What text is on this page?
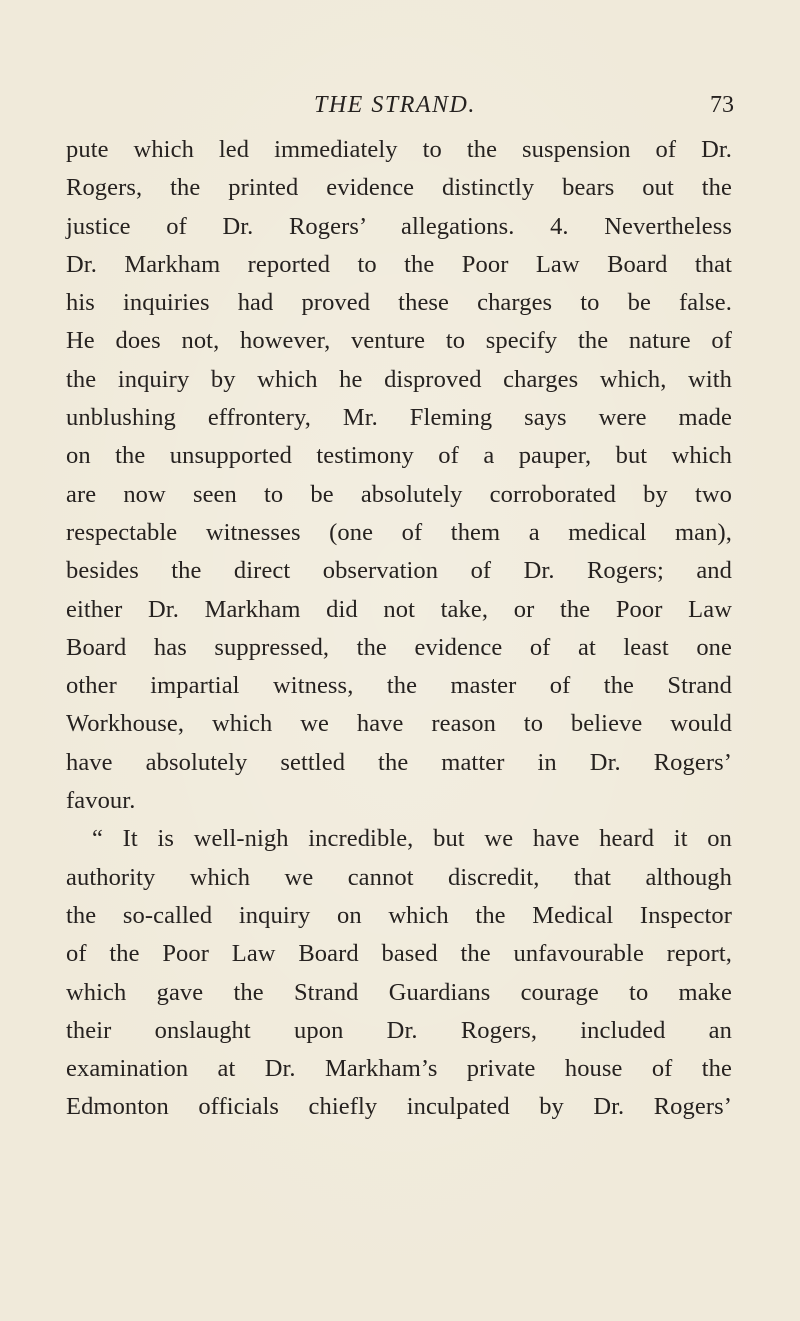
THE STRAND.	73
pute which led immediately to the suspension of Dr.
Rogers, the printed evidence distinctly bears out the
justice of Dr. Rogers’ allegations. 4. Nevertheless
Dr. Markham reported to the Poor Law Board that
his inquiries had proved these charges to be false.
He does not, however, venture to specify the nature of
the inquiry by which he disproved charges which, with
unblushing effrontery, Mr. Fleming says were made
on the unsupported testimony of a pauper, but which
are now seen to be absolutely corroborated by two
respectable witnesses (one of them a medical man),
besides the direct observation of Dr. Rogers; and
either Dr. Markham did not take, or the Poor Law
Board has suppressed, the evidence of at least one
other impartial witness, the master of the Strand
Workhouse, which we have reason to believe would
have absolutely settled the matter in Dr. Rogers’
favour.
“ It is well-nigh incredible, but we have heard it on
authority which we cannot discredit, that although
the so-called inquiry on which the Medical Inspector
of the Poor Law Board based the unfavourable report,
which gave the Strand Guardians courage to make
their onslaught upon Dr. Rogers, included an
examination at Dr. Markham’s private house of the
Edmonton officials chiefly inculpated by Dr. Rogers’
